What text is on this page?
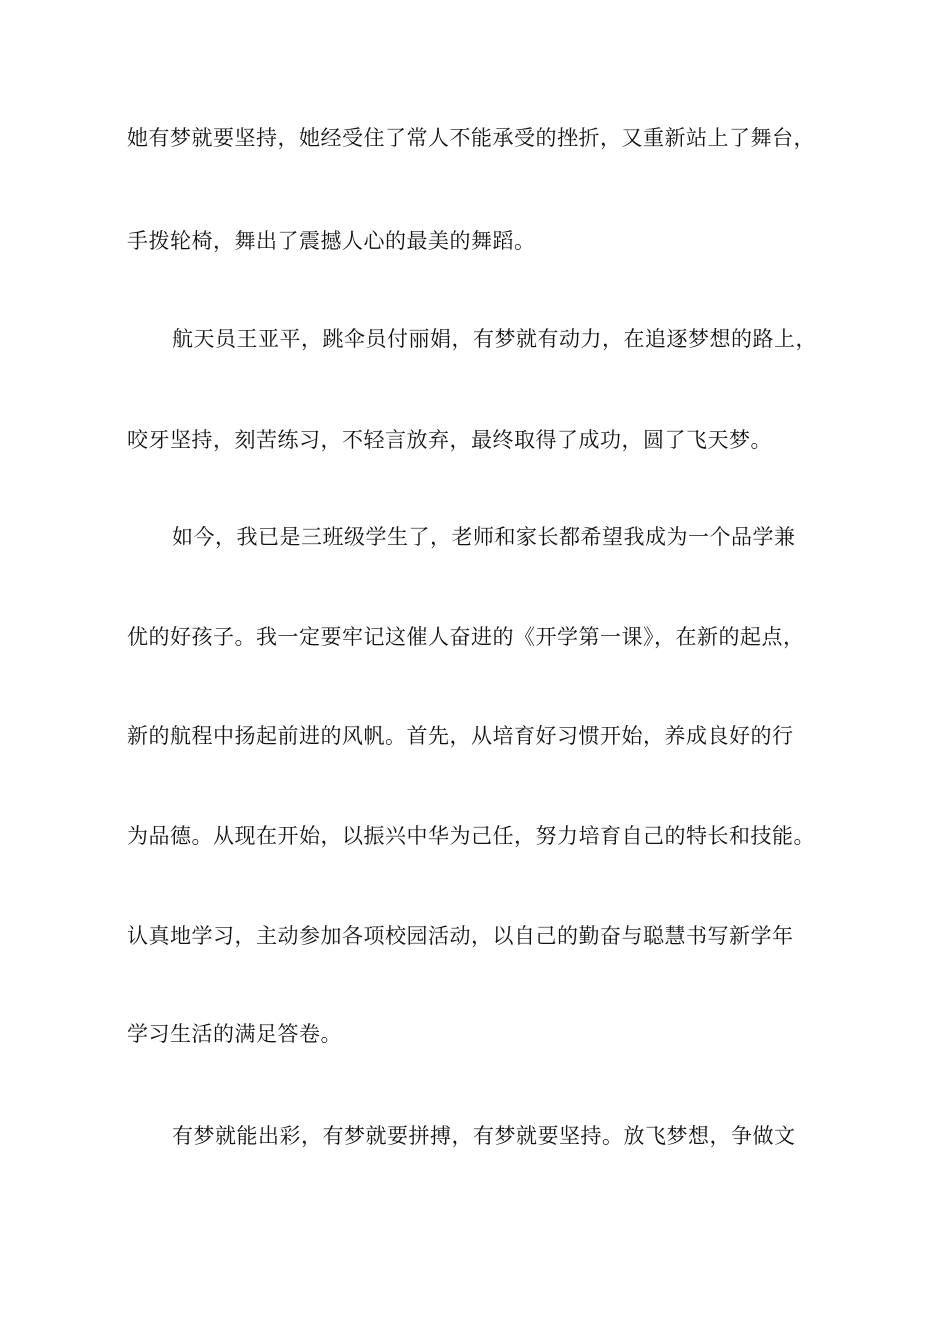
她有梦就要坚持，她经受住了常人不能承受的挫折，又重新站上了舞台，
手拨轮椅，舞出了震撼人心的最美的舞蹈。
航天员王亚平，跳伞员付丽娟，有梦就有动力，在追逐梦想的路上，
咬牙坚持，刻苦练习，不轻言放弃，最终取得了成功，圆了飞天梦。
如今，我已是三班级学生了，老师和家长都希望我成为一个品学兼
优的好孩子。我一定要牢记这催人奋进的《开学第一课》，在新的起点，
新的航程中扬起前进的风帆。首先，从培育好习惯开始，养成良好的行
为品德。从现在开始，以振兴中华为己任，努力培育自己的特长和技能。
认真地学习，主动参加各项校园活动，以自己的勤奋与聪慧书写新学年
学习生活的满足答卷。
有梦就能出彩，有梦就要拼搏，有梦就要坚持。放飞梦想，争做文
